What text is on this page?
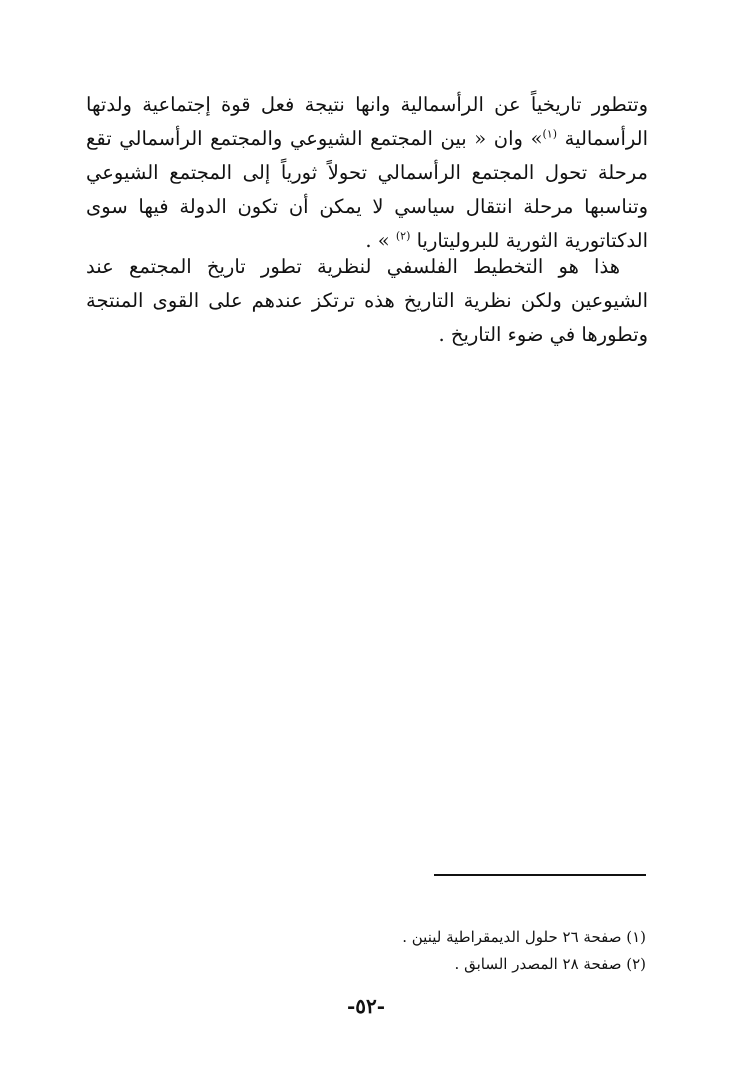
وتتطور تاريخياً عن الرأسمالية وانها نتيجة فعل قوة إجتماعية ولدتها الرأسمالية $^{(١)}$» وان « بين المجتمع الشيوعي والمجتمع الرأسمالي تقع مرحلة تحول المجتمع الرأسمالي تحولاً ثورياً إلى المجتمع الشيوعي وتناسبها مرحلة انتقال سياسي لا يمكن أن تكون الدولة فيها سوى الدكتاتورية الثورية للبروليتاريا $^{(٢)}$ » .

هذا هو التخطيط الفلسفي لنظرية تطور تاريخ المجتمع عند الشيوعين ولكن نظرية التاريخ هذه ترتكز عندهم على القوى المنتجة وتطورها في ضوء التاريخ .

(١) صفحة ٢٦ حلول الديمقراطية لينين .
(٢) صفحة ٢٨ المصدر السابق .
-٥٢-
